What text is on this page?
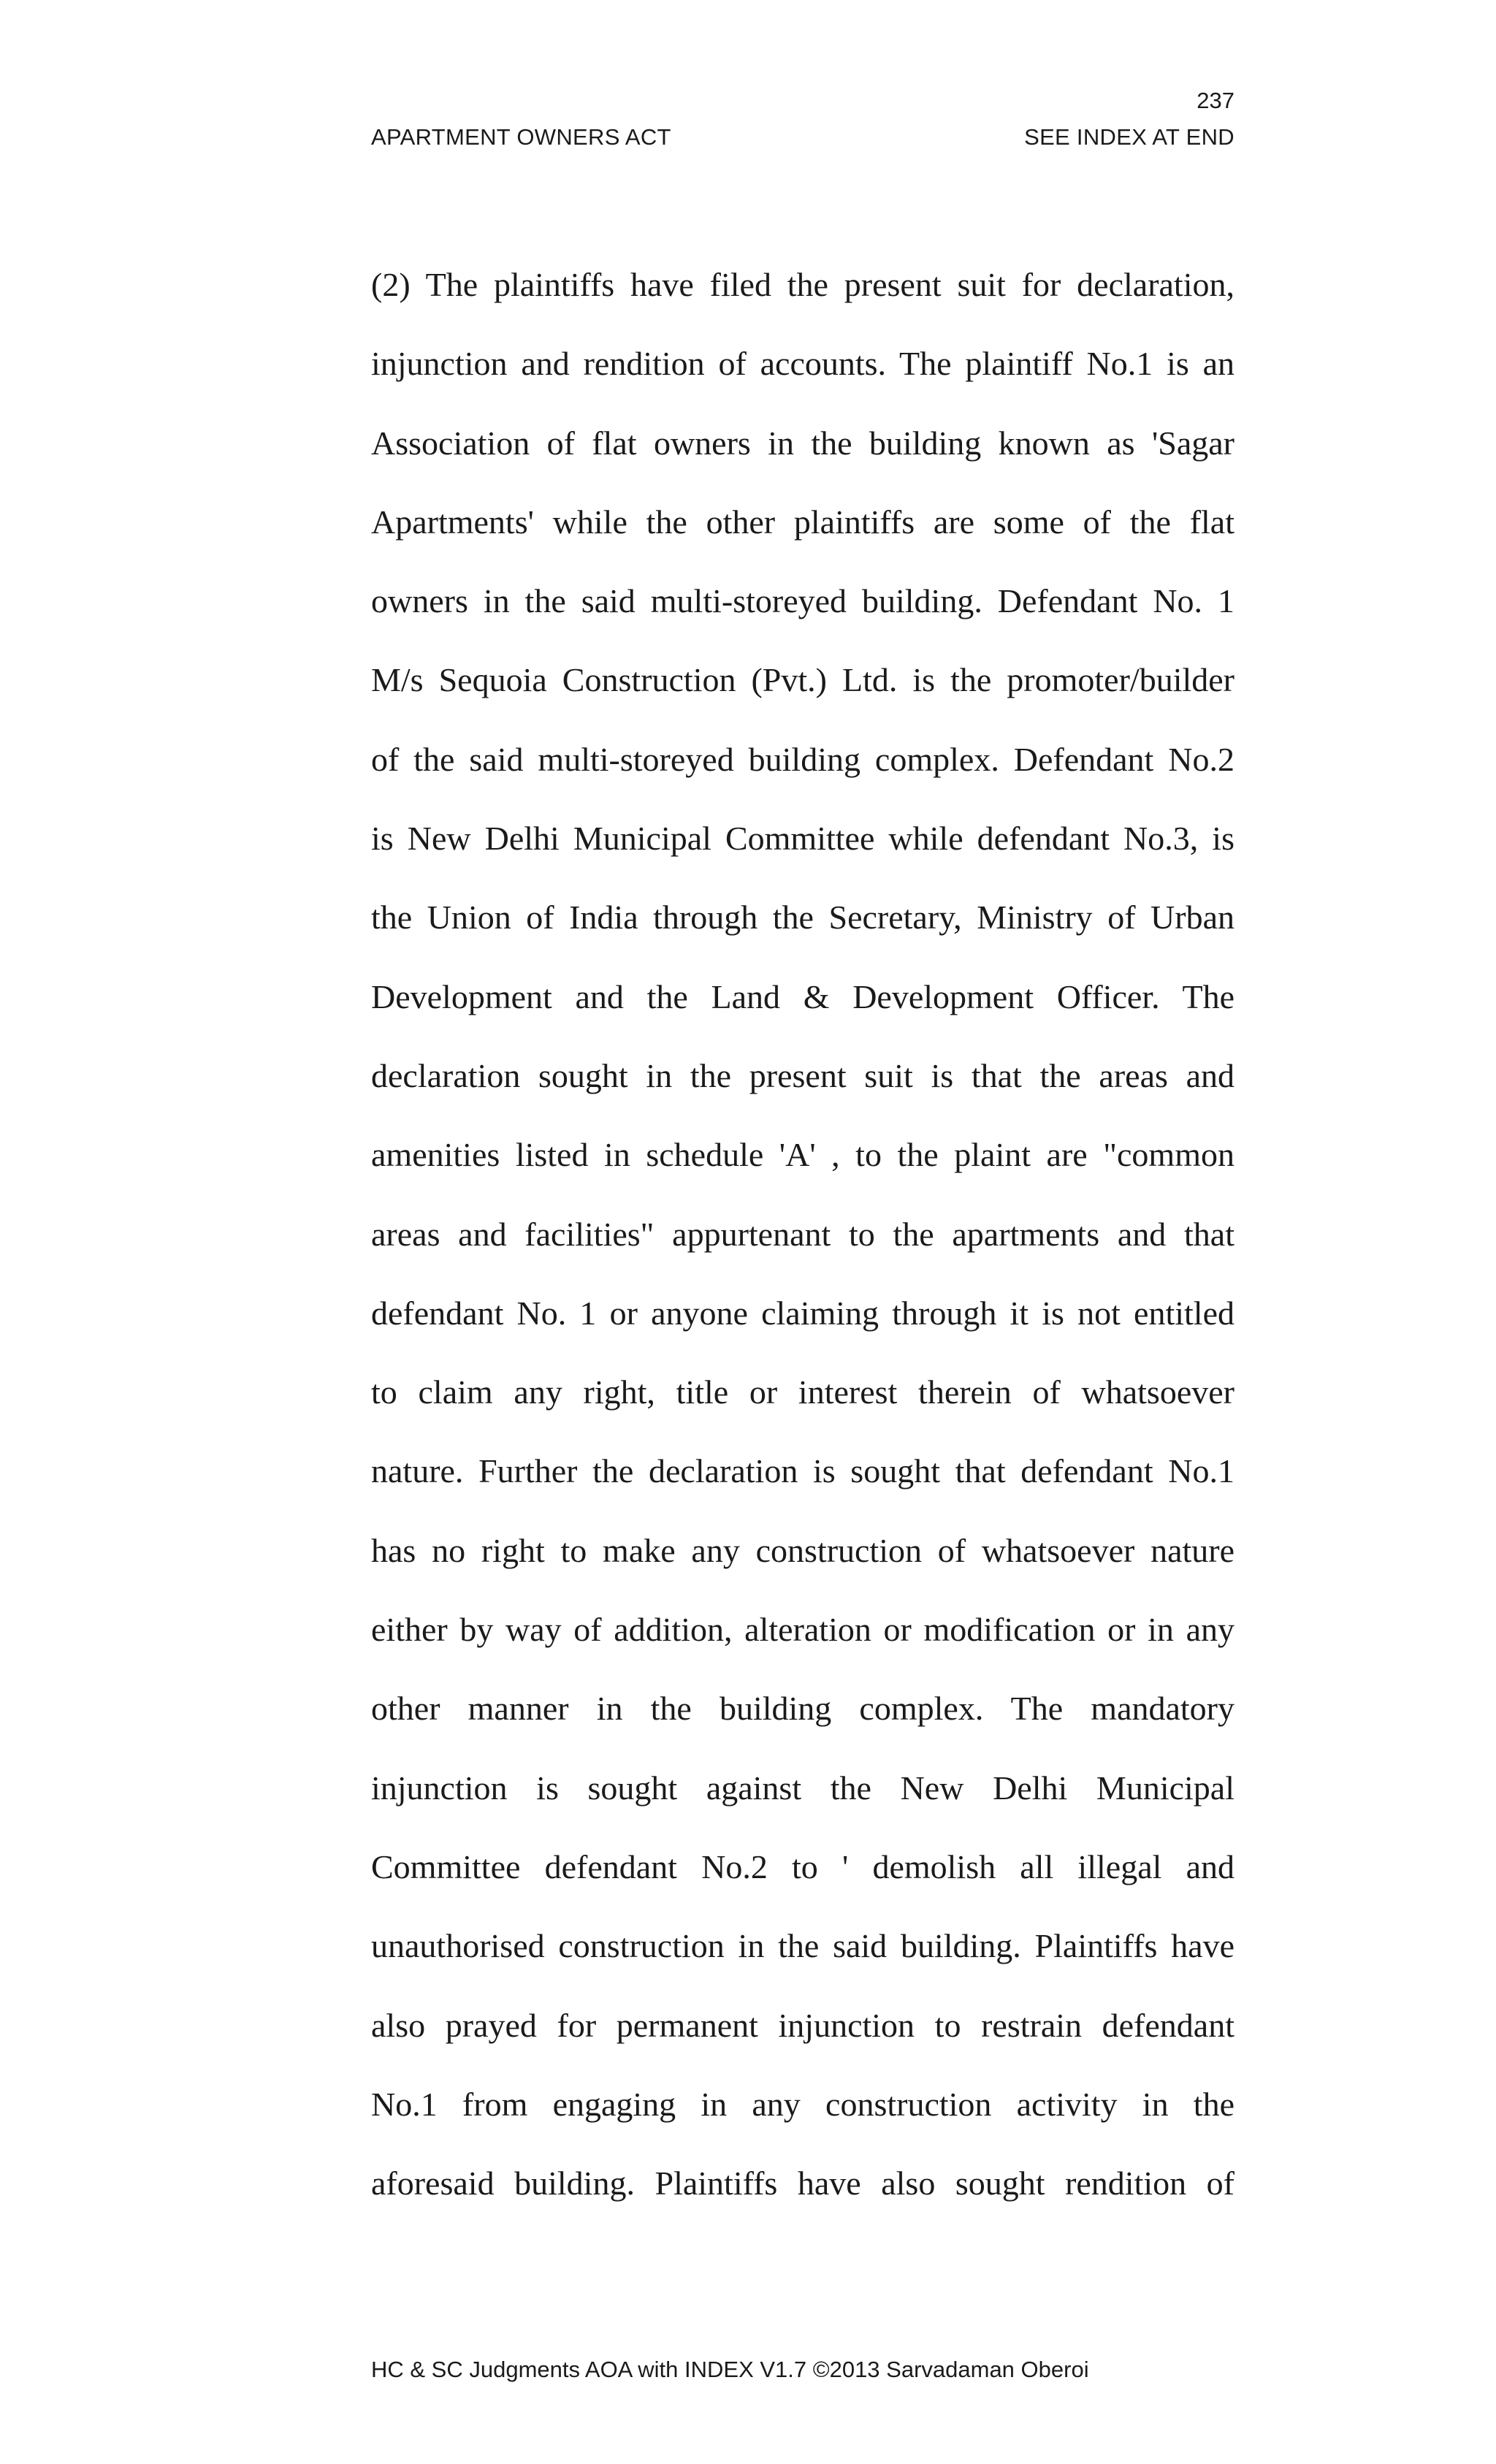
237
APARTMENT OWNERS ACT	SEE INDEX AT END
(2) The plaintiffs have filed the present suit for declaration,
injunction and rendition of accounts. The plaintiff No.1 is an
Association of flat owners in the building known as 'Sagar
Apartments' while the other plaintiffs are some of the flat
owners in the said multi-storeyed building. Defendant No. 1
M/s Sequoia Construction (Pvt.) Ltd. is the promoter/builder
of the said multi-storeyed building complex. Defendant No.2
is New Delhi Municipal Committee while defendant No.3, is
the Union of India through the Secretary, Ministry of Urban
Development and the Land & Development Officer. The
declaration sought in the present suit is that the areas and
amenities listed in schedule 'A' , to the plaint are "common
areas and facilities" appurtenant to the apartments and that
defendant No. 1 or anyone claiming through it is not entitled
to claim any right, title or interest therein of whatsoever
nature. Further the declaration is sought that defendant No.1
has no right to make any construction of whatsoever nature
either by way of addition, alteration or modification or in any
other manner in the building complex. The mandatory
injunction is sought against the New Delhi Municipal
Committee defendant No.2 to ' demolish all illegal and
unauthorised construction in the said building. Plaintiffs have
also prayed for permanent injunction to restrain defendant
No.1 from engaging in any construction activity in the
aforesaid building. Plaintiffs have also sought rendition of
HC & SC Judgments AOA with INDEX V1.7 ©2013 Sarvadaman Oberoi
